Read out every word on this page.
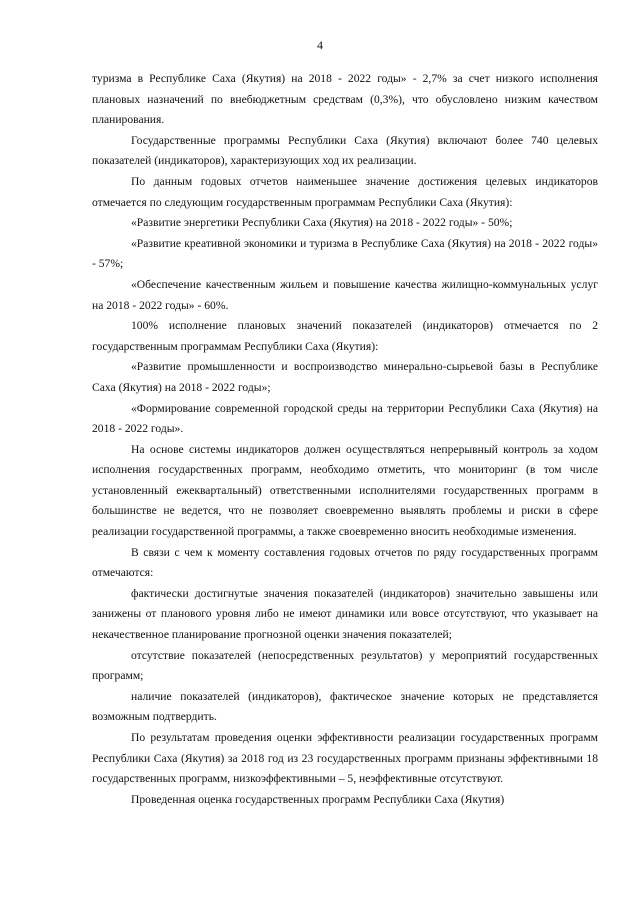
4

туризма в Республике Саха (Якутия) на 2018 - 2022 годы» - 2,7% за счет низкого исполнения плановых назначений по внебюджетным средствам (0,3%), что обусловлено низким качеством планирования.

Государственные программы Республики Саха (Якутия) включают более 740 целевых показателей (индикаторов), характеризующих ход их реализации.

По данным годовых отчетов наименьшее значение достижения целевых индикаторов отмечается по следующим государственным программам Республики Саха (Якутия):

«Развитие энергетики Республики Саха (Якутия) на 2018 - 2022 годы» - 50%;

«Развитие креативной экономики и туризма в Республике Саха (Якутия) на 2018 - 2022 годы» - 57%;

«Обеспечение качественным жильем и повышение качества жилищно-коммунальных услуг на 2018 - 2022 годы» - 60%.

100% исполнение плановых значений показателей (индикаторов) отмечается по 2 государственным программам Республики Саха (Якутия):

«Развитие промышленности и воспроизводство минерально-сырьевой базы в Республике Саха (Якутия) на 2018 - 2022 годы»;

«Формирование современной городской среды на территории Республики Саха (Якутия) на 2018 - 2022 годы».

На основе системы индикаторов должен осуществляться непрерывный контроль за ходом исполнения государственных программ, необходимо отметить, что мониторинг (в том числе установленный ежеквартальный) ответственными исполнителями государственных программ в большинстве не ведется, что не позволяет своевременно выявлять проблемы и риски в сфере реализации государственной программы, а также своевременно вносить необходимые изменения.

В связи с чем к моменту составления годовых отчетов по ряду государственных программ отмечаются:

фактически достигнутые значения показателей (индикаторов) значительно завышены или занижены от планового уровня либо не имеют динамики или вовсе отсутствуют, что указывает на некачественное планирование прогнозной оценки значения показателей;

отсутствие показателей (непосредственных результатов) у мероприятий государственных программ;

наличие показателей (индикаторов), фактическое значение которых не представляется возможным подтвердить.

По результатам проведения оценки эффективности реализации государственных программ Республики Саха (Якутия) за 2018 год из 23 государственных программ признаны эффективными 18 государственных программ, низкоэффективными – 5, неэффективные отсутствуют.

Проведенная оценка государственных программ Республики Саха (Якутия)
